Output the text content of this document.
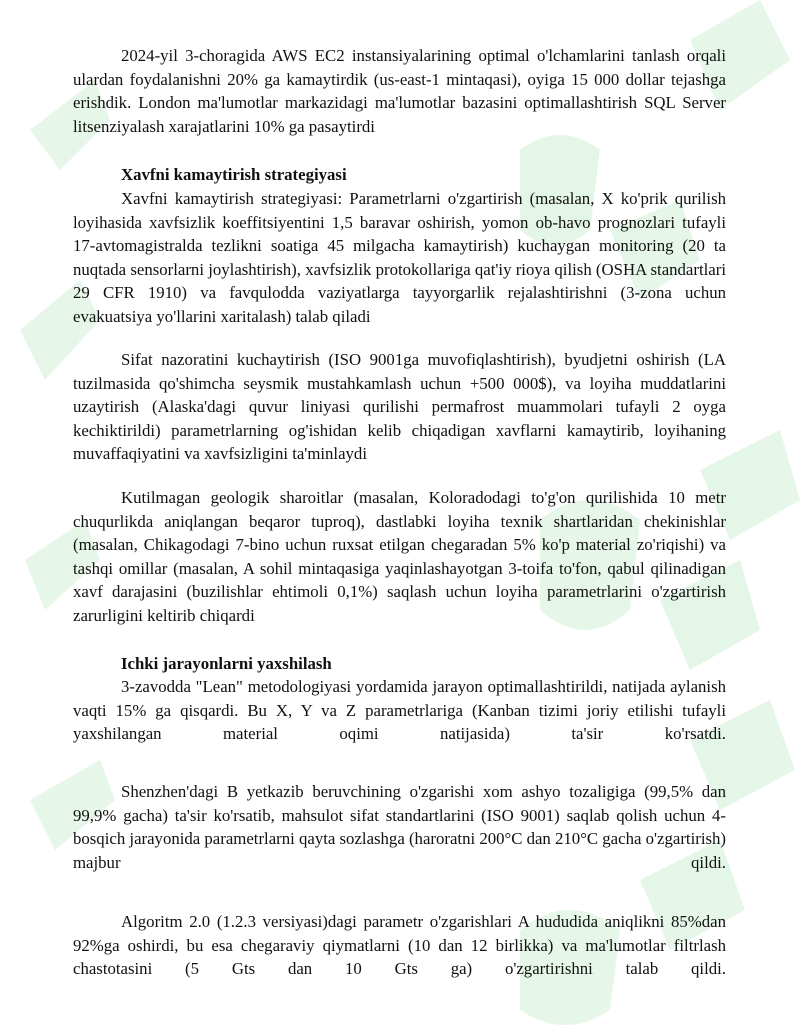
2024-yil 3-choragida AWS EC2 instansiyalarining optimal o'lchamlarini tanlash orqali ulardan foydalanishni 20% ga kamaytirdik (us-east-1 mintaqasi), oyiga 15 000 dollar tejashga erishdik. London ma'lumotlar markazidagi ma'lumotlar bazasini optimallashtirish SQL Server litsenziyalash xarajatlarini 10% ga pasaytirdi
Xavfni kamaytirish strategiyasi
Xavfni kamaytirish strategiyasi: Parametrlarni o'zgartirish (masalan, X ko'prik qurilish loyihasida xavfsizlik koeffitsiyentini 1,5 baravar oshirish, yomon ob-havo prognozlari tufayli 17-avtomagistralda tezlikni soatiga 45 milgacha kamaytirish) kuchaygan monitoring (20 ta nuqtada sensorlarni joylashtirish), xavfsizlik protokollariga qat'iy rioya qilish (OSHA standartlari 29 CFR 1910) va favqulodda vaziyatlarga tayyorgarlik rejalashtirishni (3-zona uchun evakuatsiya yo'llarini xaritalash) talab qiladi
Sifat nazoratini kuchaytirish (ISO 9001ga muvofiqlashtirish), byudjetni oshirish (LA tuzilmasida qo'shimcha seysmik mustahkamlash uchun +500 000$), va loyiha muddatlarini uzaytirish (Alaska'dagi quvur liniyasi qurilishi permafrost muammolari tufayli 2 oyga kechiktirildi) parametrlarning og'ishidan kelib chiqadigan xavflarni kamaytirib, loyihaning muvaffaqiyatini va xavfsizligini ta'minlaydi
Kutilmagan geologik sharoitlar (masalan, Koloradodagi to'g'on qurilishida 10 metr chuqurlikda aniqlangan beqaror tuproq), dastlabki loyiha texnik shartlaridan chekinishlar (masalan, Chikagodagi 7-bino uchun ruxsat etilgan chegaradan 5% ko'p material zo'riqishi) va tashqi omillar (masalan, A sohil mintaqasiga yaqinlashayotgan 3-toifa to'fon, qabul qilinadigan xavf darajasini (buzilishlar ehtimoli 0,1%) saqlash uchun loyiha parametrlarini o'zgartirish zarurligini keltirib chiqardi
Ichki jarayonlarni yaxshilash
3-zavodda "Lean" metodologiyasi yordamida jarayon optimallashtirildi, natijada aylanish vaqti 15% ga qisqardi. Bu X, Y va Z parametrlariga (Kanban tizimi joriy etilishi tufayli yaxshilangan material oqimi natijasida) ta'sir ko'rsatdi.
Shenzhen'dagi B yetkazib beruvchining o'zgarishi xom ashyo tozaligiga (99,5% dan 99,9% gacha) ta'sir ko'rsatib, mahsulot sifat standartlarini (ISO 9001) saqlab qolish uchun 4-bosqich jarayonida parametrlarni qayta sozlashga (haroratni 200°C dan 210°C gacha o'zgartirish) majbur qildi.
Algoritm 2.0 (1.2.3 versiyasi)dagi parametr o'zgarishlari A hududida aniqlikni 85%dan 92%ga oshirdi, bu esa chegaraviy qiymatlarni (10 dan 12 birlikka) va ma'lumotlar filtrlash chastotasini (5 Gts dan 10 Gts ga) o'zgartirishni talab qildi.
